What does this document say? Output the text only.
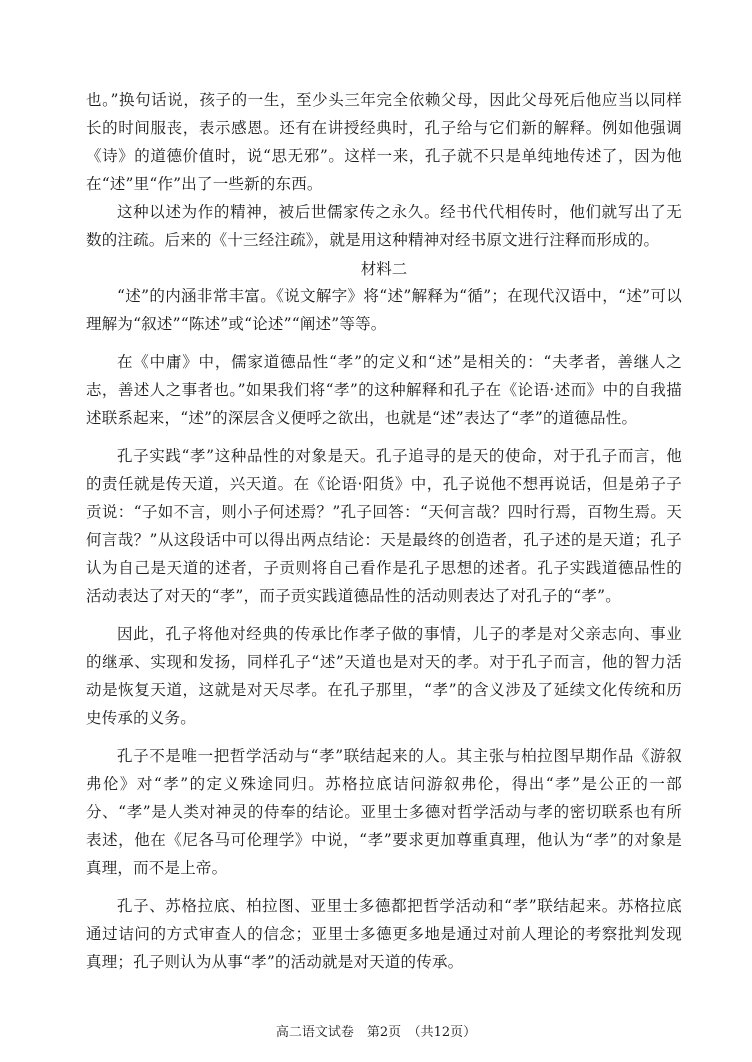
也。”换句话说，孩子的一生，至少头三年完全依赖父母，因此父母死后他应当以同样长的时间服丧，表示感恩。还有在讲授经典时，孔子给与它们新的解释。例如他强调《诗》的道德价值时，说“思无邪”。这样一来，孔子就不只是单纯地传述了，因为他在“述”里“作”出了一些新的东西。

这种以述为作的精神，被后世儒家传之永久。经书代代相传时，他们就写出了无数的注疏。后来的《十三经注疏》，就是用这种精神对经书原文进行注释而形成的。

材料二

“述”的内涵非常丰富。《说文解字》将“述”解释为“循”；在现代汉语中，“述”可以理解为“叙述”“陈述”或“论述”“阐述”等等。

在《中庸》中，儒家道德品性“孝”的定义和“述”是相关的：“夫孝者，善继人之志，善述人之事者也。”如果我们将“孝”的这种解释和孔子在《论语·述而》中的自我描述联系起来，“述”的深层含义便呼之欲出，也就是“述”表达了“孝”的道德品性。

孔子实践“孝”这种品性的对象是天。孔子追寻的是天的使命，对于孔子而言，他的责任就是传天道，兴天道。在《论语·阳货》中，孔子说他不想再说话，但是弟子子贡说：“子如不言，则小子何述焉？”孔子回答：“天何言哉？四时行焉，百物生焉。天何言哉？”从这段话中可以得出两点结论：天是最终的创造者，孔子述的是天道；孔子认为自己是天道的述者，子贡则将自己看作是孔子思想的述者。孔子实践道德品性的活动表达了对天的“孝”，而子贡实践道德品性的活动则表达了对孔子的“孝”。

因此，孔子将他对经典的传承比作孝子做的事情，儿子的孝是对父亲志向、事业的继承、实现和发扬，同样孔子“述”天道也是对天的孝。对于孔子而言，他的智力活动是恢复天道，这就是对天尽孝。在孔子那里，“孝”的含义涉及了延续文化传统和历史传承的义务。

孔子不是唯一把哲学活动与“孝”联结起来的人。其主张与柏拉图早期作品《游叙弗伦》对“孝”的定义殊途同归。苏格拉底诘问游叙弗伦，得出“孝”是公正的一部分、“孝”是人类对神灵的侍奉的结论。亚里士多德对哲学活动与孝的密切联系也有所表述，他在《尼各马可伦理学》中说，“孝”要求更加尊重真理，他认为“孝”的对象是真理，而不是上帝。

孔子、苏格拉底、柏拉图、亚里士多德都把哲学活动和“孝”联结起来。苏格拉底通过诘问的方式审查人的信念；亚里士多德更多地是通过对前人理论的考察批判发现真理；孔子则认为从事“孝”的活动就是对天道的传承。

高二语文试卷　第2页　（共12页）
